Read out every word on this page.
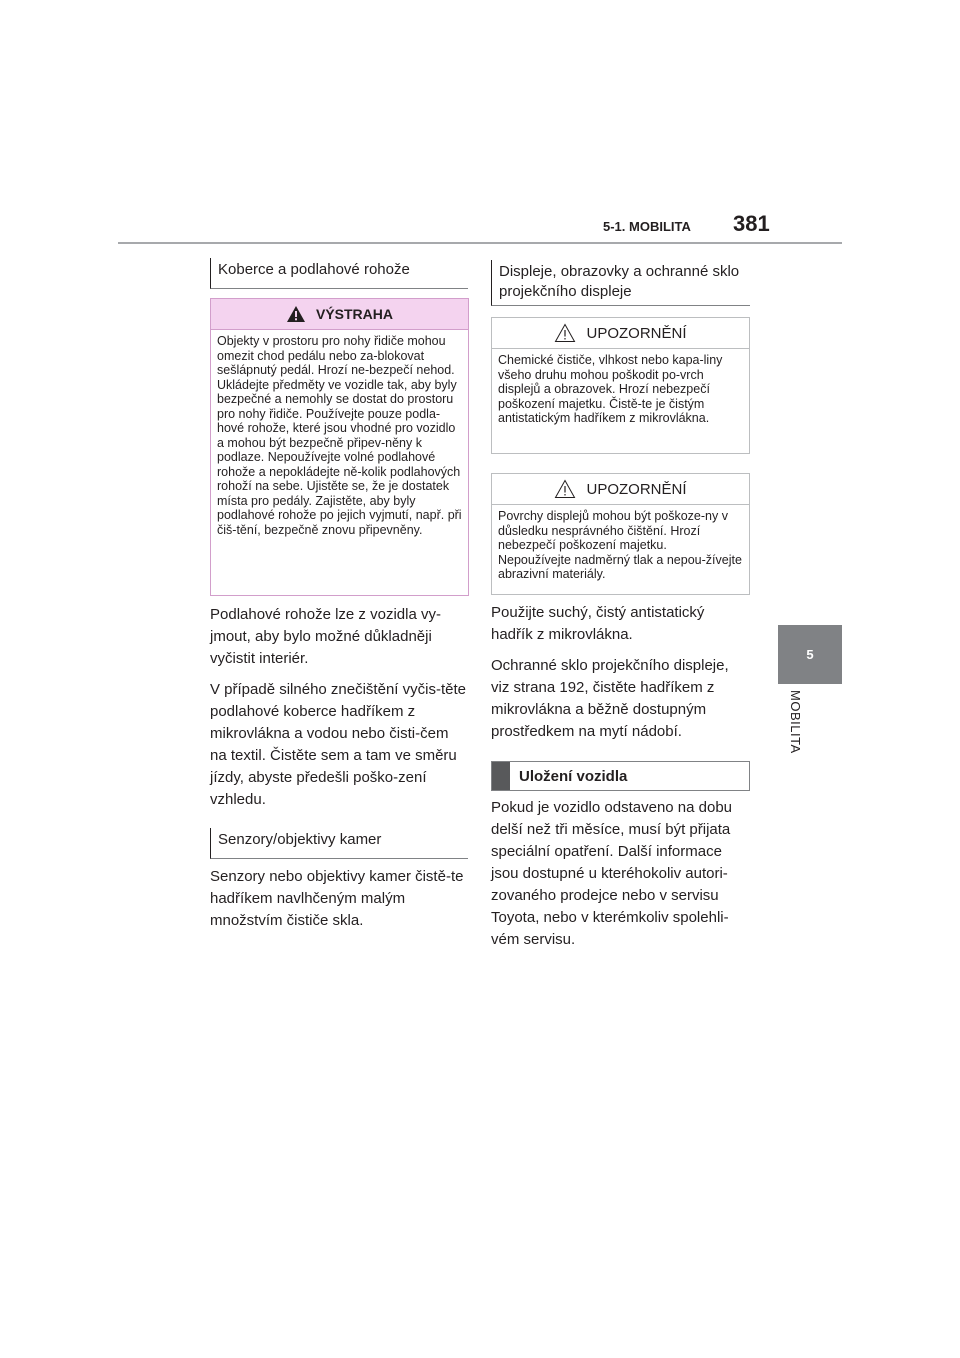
5-1. MOBILITA 381
5
MOBILITA
Koberce a podlahové rohože
VÝSTRAHA
Objekty v prostoru pro nohy řidiče mohou omezit chod pedálu nebo za-blokovat sešlápnutý pedál. Hrozí ne-bezpečí nehod. Ukládejte předměty ve vozidle tak, aby byly bezpečné a nemohly se dostat do prostoru pro nohy řidiče. Používejte pouze podla-hové rohože, které jsou vhodné pro vozidlo a mohou být bezpečně připev-něny k podlaze. Nepoužívejte volné podlahové rohože a nepokládejte ně-kolik podlahových rohoží na sebe. Ujistěte se, že je dostatek místa pro pedály. Zajistěte, aby byly podlahové rohože po jejich vyjmutí, např. při čiš-tění, bezpečně znovu připevněny.

Podlahové rohože lze z vozidla vy-jmout, aby bylo možné důkladněji vyčistit interiér.

V případě silného znečištění vyčis-těte podlahové koberce hadříkem z mikrovlákna a vodou nebo čisti-čem na textil. Čistěte sem a tam ve směru jízdy, abyste předešli poško-zení vzhledu.

Senzory/objektivy kamer

Senzory nebo objektivy kamer čistě-te hadříkem navlhčeným malým množstvím čističe skla.

Displeje, obrazovky a ochranné sklo projekčního displeje
UPOZORNĚNÍ
Chemické čističe, vlhkost nebo kapa-liny všeho druhu mohou poškodit po-vrch displejů a obrazovek. Hrozí nebezpečí poškození majetku. Čistě-te je čistým antistatickým hadříkem z mikrovlákna.
UPOZORNĚNÍ
Povrchy displejů mohou být poškoze-ny v důsledku nesprávného čištění. Hrozí nebezpečí poškození majetku. Nepoužívejte nadměrný tlak a nepou-žívejte abrazivní materiály.

Použijte suchý, čistý antistatický hadřík z mikrovlákna.

Ochranné sklo projekčního displeje, viz strana 192, čistěte hadříkem z mikrovlákna a běžně dostupným prostředkem na mytí nádobí.

Uložení vozidla

Pokud je vozidlo odstaveno na dobu delší než tři měsíce, musí být přijata speciální opatření. Další informace jsou dostupné u kteréhokoliv autori-zovaného prodejce nebo v servisu Toyota, nebo v kterémkoliv spolehli-vém servisu.
